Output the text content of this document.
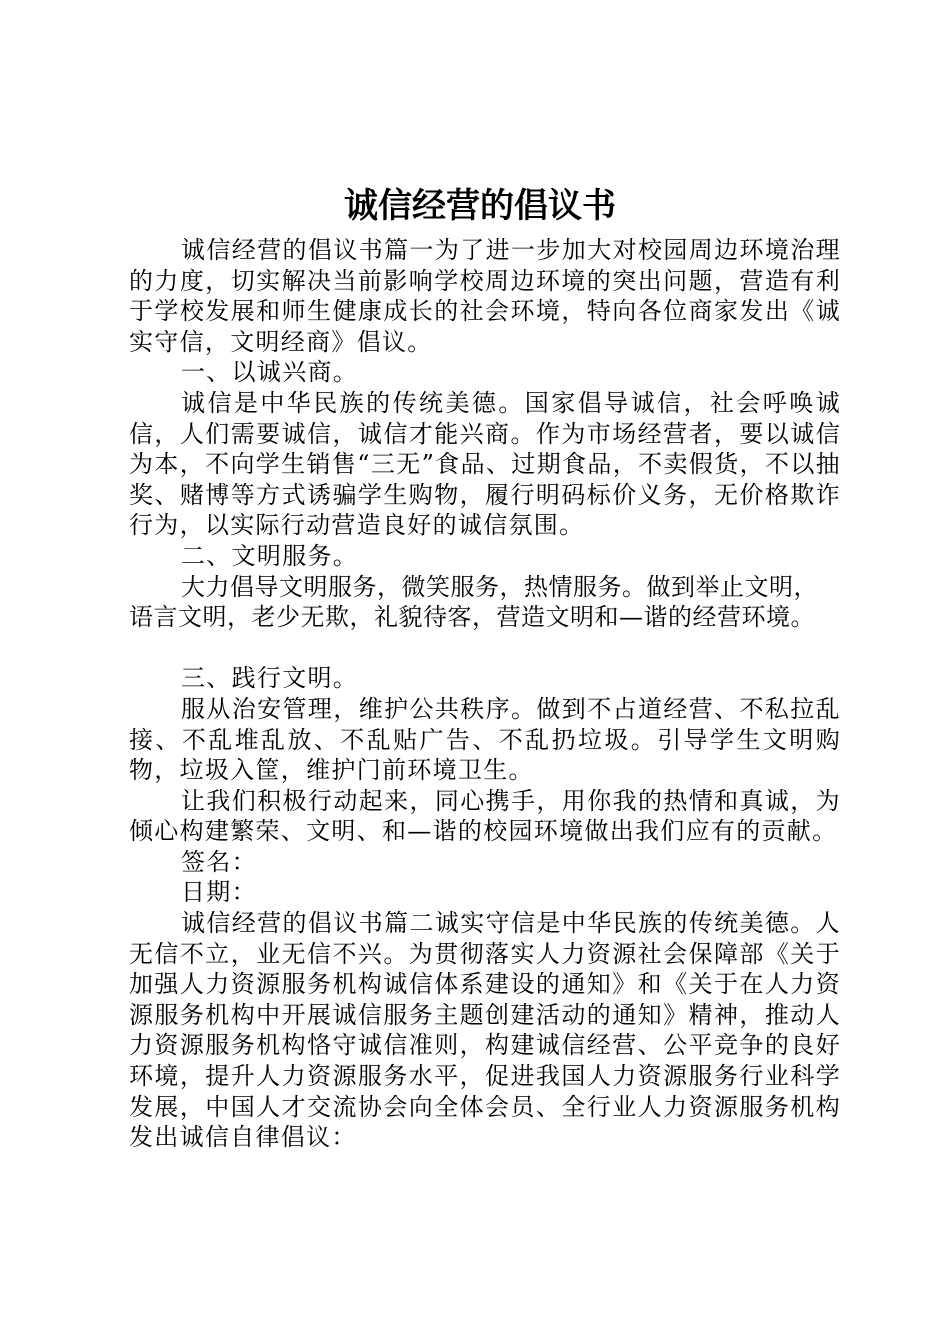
诚信经营的倡议书

诚信经营的倡议书篇一为了进一步加大对校园周边环境治理的力度，切实解决当前影响学校周边环境的突出问题，营造有利于学校发展和师生健康成长的社会环境，特向各位商家发出《诚实守信，文明经商》倡议。

一、以诚兴商。

诚信是中华民族的传统美德。国家倡导诚信，社会呼唤诚信，人们需要诚信，诚信才能兴商。作为市场经营者，要以诚信为本，不向学生销售“三无”食品、过期食品，不卖假货，不以抽奖、赌博等方式诱骗学生购物，履行明码标价义务，无价格欺诈行为，以实际行动营造良好的诚信氛围。

二、文明服务。

大力倡导文明服务，微笑服务，热情服务。做到举止文明，

语言文明，老少无欺，礼貌待客，营造文明和—谐的经营环境。

三、践行文明。

服从治安管理，维护公共秩序。做到不占道经营、不私拉乱接、不乱堆乱放、不乱贴广告、不乱扔垃圾。引导学生文明购物，垃圾入筐，维护门前环境卫生。

让我们积极行动起来，同心携手，用你我的热情和真诚，为倾心构建繁荣、文明、和—谐的校园环境做出我们应有的贡献。

签名：

日期：

诚信经营的倡议书篇二诚实守信是中华民族的传统美德。人无信不立，业无信不兴。为贯彻落实人力资源社会保障部《关于加强人力资源服务机构诚信体系建设的通知》和《关于在人力资源服务机构中开展诚信服务主题创建活动的通知》精神，推动人力资源服务机构恪守诚信准则，构建诚信经营、公平竞争的良好环境，提升人力资源服务水平，促进我国人力资源服务行业科学发展，中国人才交流协会向全体会员、全行业人力资源服务机构发出诚信自律倡议：
